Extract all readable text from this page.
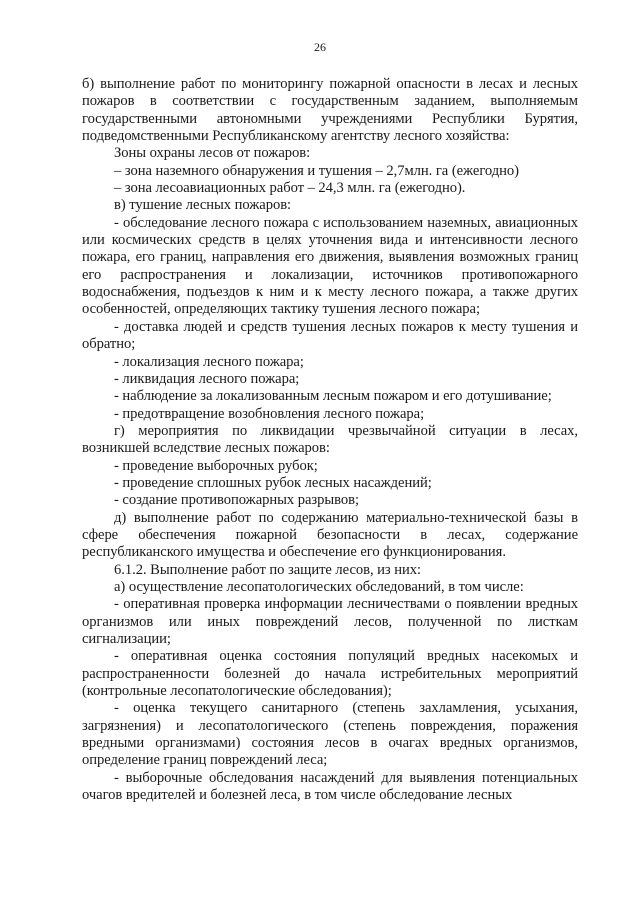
26

б) выполнение работ по мониторингу пожарной опасности в лесах и лесных пожаров в соответствии с государственным заданием, выполняемым государственными автономными учреждениями Республики Бурятия, подведомственными Республиканскому агентству лесного хозяйства:

Зоны охраны лесов от пожаров:

– зона наземного обнаружения и тушения – 2,7млн. га (ежегодно)

– зона лесоавиационных работ – 24,3 млн. га (ежегодно).

в) тушение лесных пожаров:

- обследование лесного пожара с использованием наземных, авиационных или космических средств в целях уточнения вида и интенсивности лесного пожара, его границ, направления его движения, выявления возможных границ его распространения и локализации, источников противопожарного водоснабжения, подъездов к ним и к месту лесного пожара, а также других особенностей, определяющих тактику тушения лесного пожара;

- доставка людей и средств тушения лесных пожаров к месту тушения и обратно;

- локализация лесного пожара;

- ликвидация лесного пожара;

- наблюдение за локализованным лесным пожаром и его дотушивание;

- предотвращение возобновления лесного пожара;

г) мероприятия по ликвидации чрезвычайной ситуации в лесах, возникшей вследствие лесных пожаров:

- проведение выборочных рубок;

- проведение сплошных рубок лесных насаждений;

- создание противопожарных разрывов;

д) выполнение работ по содержанию материально-технической базы в сфере обеспечения пожарной безопасности в лесах, содержание республиканского имущества и обеспечение его функционирования.

6.1.2. Выполнение работ по защите лесов, из них:

а) осуществление лесопатологических обследований, в том числе:

- оперативная проверка информации лесничествами о появлении вредных организмов или иных повреждений лесов, полученной по листкам сигнализации;

- оперативная оценка состояния популяций вредных насекомых и распространенности болезней до начала истребительных мероприятий (контрольные лесопатологические обследования);

- оценка текущего санитарного (степень захламления, усыхания, загрязнения) и лесопатологического (степень повреждения, поражения вредными организмами) состояния лесов в очагах вредных организмов, определение границ повреждений леса;

- выборочные обследования насаждений для выявления потенциальных очагов вредителей и болезней леса, в том числе обследование лесных
